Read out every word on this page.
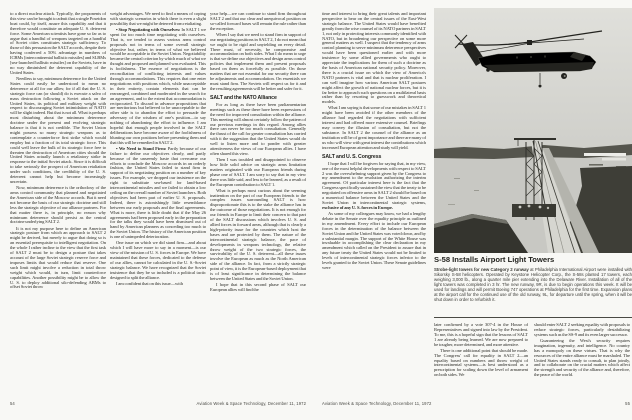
to a direct nuclear attack. Typically, the proponents of this view can be brought to admit that a single Poseidon boat could, by itself, assure this capability and that it therefore would constitute an adequate U. S. deterrent force. Some American scientists have gone so far as to argue that a handful of weapons targeted on a handful of Soviet cities constitutes strategic sufficiency. To those of this persuasion the SALT accords, despite their having conferred a 50% advantage in numbers of ICBMs [intercontinental ballistic missiles] and SLBMs [sea-launched ballistic missiles] on the Soviets, have in no way diminished the deterrent capability of the United States.

Needless to say, minimum deterrence for the United States could easily be understood to mean no deterrence at all for our allies; for if all that the U. S. strategic force can (or should) do is execute a salvo of mass destruction following a Soviet attack on the United States, its political and military weight with respect to discouraging Soviet intimidation of NATO will be slight indeed. But that is not all. What is perhaps most disturbing about the minimum deterrence doctrine under the present and evolving strategic balance is that it is not credible. The Soviet Union might possess so many strategic weapons as to contemplate a counterforce first strike which would employ but a fraction of its total strategic force. This could well leave the bulk of its strategic force free to threaten the destruction of American cities should the United States actually launch a retaliatory strike in response to the initial Soviet attack. Since it is difficult to take seriously the prospect of American retaliation under such conditions, the credibility of the U. S. deterrent cannot help but become increasingly uncertain.

Now, minimum deterrence is the orthodoxy of the arms control community that planned and negotiated the American side of the Moscow accords. But it need not become the basis of our strategic doctrine and still less the strategic objective of our alliance partners. For that matter there is, in principle, no reason why minimum deterrence should persist as the central doctrine underlying SALT 2.

It is not my purpose here to define an American strategic posture from which an approach to SALT 2 might be derived, but merely to argue that doing so is an essential prerequisite to intelligent negotiation. On the whole I rather incline to the view that the first task of SALT 2 must be to design a posture that takes account of the large Soviet strategic reserve force and imposes limits that would reduce that reserve. One such limit might involve a reduction in total throw weight which would, in turn, limit counterforce capabilities. Another possibility might be to allow the U. S. to deploy additional silo-defending ABMs to offset Soviet throw

weight advantages. We need to find a means of coping with strategic scenarios in which there is even a slight possibility that we might be deterred from retaliating.

• Stop Negotiating with Ourselves: In SALT 1 we spent far too much time negotiating with ourselves. That is, we tended to assess various arms control proposals not in terms of some overall strategic objective but, rather, in terms of what we believed would be acceptable to the Soviet Union. Negotiability became the central criterion by which much of what we thought and proposed and planned was evaluated. This is foolishness. The essence of negotiations is the reconciliation of conflicting interests and values through accommodations. This requires that one enter negotiations with positions which, while unacceptable in their entirety, contain elements that can be rearranged, combined and moderated in the search for an agreement, and to the extent that accommodation is reciprocated. To discard in advance propositions that are meritorious but believed to be unacceptable to the other side is to abandon the effort to persuade the adversary of the wisdom of one's position—to say nothing of abandoning the effort to influence. I am hopeful that enough people involved in the SALT deliberations have become aware of the foolishness of blunting our own positions before presenting them and that this will be remedied in SALT 2.

• We Need to Stand Firm: Partly because of our failure to define our objectives clearly, and partly because of the unseemly haste that overcame our efforts to conclude the Moscow accords in an orderly fashion, the United States failed to stand firm in support of its negotiating position on a number of key issues. For example, we dropped our insistence on the right to substitute sea-based for land-based intercontinental missiles and we failed to obtain a low ceiling on the overall number of Soviet launchers. Both objectives had been part of earlier U. S. proposals. Indeed, there is astonishingly little resemblance between our early proposals and the final agreements. What is more, there is little doubt that if the May 26 agreements had been proposed early in the preparation for the talks they would have been dismissed out of hand by American planners as conceding too much to the Soviet Union. The history of the American position is one of unimpeded deterioration.

One issue on which we did stand firm—and about which I will have more to say in a moment—is our view of the mission of U. S. forces in Europe. We have maintained that these forces, dedicated to the defense of our allies, cannot be calculated in the U. S.-Soviet strategic balance. We have recognized that the Soviet insistence that they be so included is a political tactic designed to split the alliance.

I am confident that on this issue—with

your help—we can continue to stand firm throughout SALT 2 and that our clear and unequivocal position on so-called forward bases will remain the rule rather than the exception.

When I say that we need to stand firm in support of our negotiating positions in SALT 2, I do not mean that we ought to be rigid and unyielding on every detail. There must, of necessity, be compromise and accommodation on both sides. What I do mean to urge is that we define our objectives and design arms control policies that implement them and present proposals based on them as forcefully as possible. On those matters that are not essential for our security there can be adjustments and accommodation. On essentials we must stand firm. The Soviets will respect us for it and the resulting agreements will be better and safer for it.

SALT and the NATO Alliance

For as long as there have been parliamentarian meetings such as these there have been expressions of the need for improved consultation within the alliance. This meeting will almost certainly follow the pattern of our previous meetings in this regard. Among allies there can never be too much consultation. Generally the thrust of the call for greater consultation has carried with it the suggestion that the United States would do well to listen more and to ponder with greater attentiveness the views of our European allies. I have often shared this view.

Then I was troubled and disappointed to observe how little solid advice on strategic arms limitation matters originated with our European friends during phase one of SALT. I am sorry to say that in my view there was little said, and less to be learned, as a result of the European contribution to SALT 1.

What is perhaps most curious about the seeming inattention on the part of our European friends to the complex issues surrounding SALT is how disproportionate this is to the stake the alliance has in the outcome of those negotiations. It is not enough for our friends in Europe to limit their concern to that part of the SALT discussions which involves U. S. and allied forces in forward areas, although that is clearly a high-priority issue for the countries which host the bases and are protected by them. The nature of the intercontinental strategic balance, the pace of developments in weapons technology, the relative throw weight of the two strategic forces, the survivability of the U. S. deterrent—all these issues involve the European as much as the North American side of the alliance. In fact, from a strictly strategic point of view, it is the European-based deployment that is of least significance in determining the balance between the United States and the Soviet Union.

I hope that in this second phase of SALT our European allies will find the

54	Aviation Week & Space Technology, December 11, 1972

time and interest to bring their great talents and important perspective to bear on the central issues of the East-West strategic balance. The United States would have benefited greatly from the wise counsel of its NATO partners in SALT 1, not only in protecting interests commonly identified with NATO, but in broadening our perspective on some more general matters as well. I suspect that the tendency of arms control planning to serve minimum deterrence perspectives would have been questioned earlier and with more insistence by some allied governments who ought to appreciate the implications for them of such a doctrine as the basis of American national security policy. Moreover, there is a crucial issue on which the view of America's NATO partners is vital and that is nuclear proliferation. I can well imagine how various American SALT postures might affect the growth of national nuclear forces, but it is far better to approach such questions on a multilateral basis rather than by resorting to guesswork and theoretical models.

What I am saying is that some of our mistakes in SALT 1 might have been avoided if the other members of the alliance had regarded the negotiations with sufficient interest and had offered more extensive counsel. Briefings may convey the illusion of consultation, but not the substance. In SALT 2 the counsel of the alliance as an institution will be of great importance and there are many of us who will view with great interest the contributions which increased European attention and study will yield.

SALT and U. S. Congress

I hope that I will be forgiven for saying that, in my view, one of the most helpful developments with respect to SALT 2 was the overwhelming support given by the Congress to my amendment to the resolution authorizing the interim agreement. Of particular interest here is the fact that the Congress specifically sustained the view that the treaty to be negotiated on offensive arms in SALT 2 should be based on a numerical balance between the United States and the Soviet Union in intercontinental strategic systems, exclusive of any U. S. forces in Europe.

As some of my colleagues may know, we had a lengthy debate in the Senate over the equality principle as outlined in my amendment. Every effort to include our European forces in the determination of the balance between the Soviet Union and the United States was voted down, and by a substantial margin. The support of the White House was invaluable in accomplishing the clear declaration in my amendment which called on the President to assure that in any future treaty the United States would not be limited to levels of intercontinental strategic forces inferior to the levels granted to the Soviet Union. These Senate guidelines were

S-58 Installs Airport Light Towers
Strobe-light towers for new Category 2 runway at Philadelphia International Airport were installed with Sikorsky S-58 helicopters. Operated by Keystone Helicopter Corp., the S-58s planted 17 towers, each weighing 3,000 lb., along a quarter mile pier extending into the Delaware River. Installation of all of the light towers was completed in 3 hr. The new runway, 9R, is due to begin operations this week. It will be used for landings and will permit Boeing 747 operations at Philadelphia for the first time. Expansion plans at the airport call for the continued use of the old runway, 9L, for departure until the spring, when it will be shut down in order to refurbish it.

later confirmed by a vote 307-4 in the House of Representatives and signed into law by the President. To me, this is a hopeful sign that the lessons of SALT 1 are already being learned. We are now prepared to be tougher, more determined, and more attentive.

There is one additional point that should be made. The Congress' call for equality in SALT 2—an equality based on numbers and throw weight of intercontinental systems—is best understood as a prescription for scaling down the level of armament on both sides. We

should enter SALT 2 seeking equality with proposals to reduce strategic forces, particularly destabilizing systems such as the SS-9 and its even larger successor.

Guaranteeing the West's security requires imagination, ingenuity, and intelligence. No country has a monopoly on these virtues. That is why the resources of the entire alliance must be marshaled. The United States stands ready to consult, to plan jointly, and to collaborate on the crucial matters which affect the strength and security of the alliance and, therefore, the peace of the world.

Aviation Week & Space Technology, December 11, 1972	55
